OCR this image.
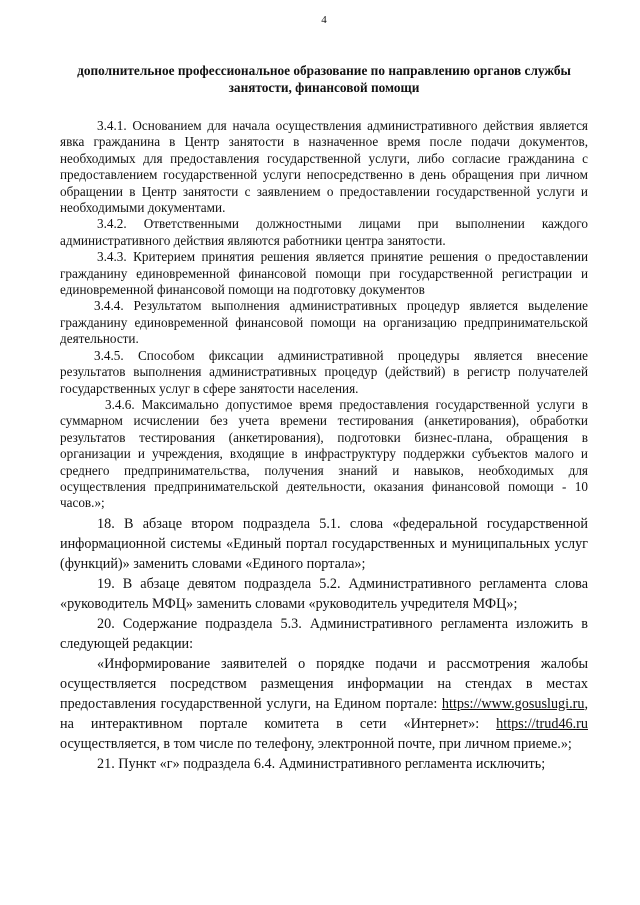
4
дополнительное профессиональное образование по направлению органов службы занятости, финансовой помощи

3.4.1. Основанием для начала осуществления административного действия является явка гражданина в Центр занятости в назначенное время после подачи документов, необходимых для предоставления государственной услуги, либо согласие гражданина с предоставлением государственной услуги непосредственно в день обращения при личном обращении в Центр занятости с заявлением о предоставлении государственной услуги и необходимыми документами.

3.4.2. Ответственными должностными лицами при выполнении каждого административного действия являются работники центра занятости.

3.4.3. Критерием принятия решения является принятие решения о предоставлении гражданину единовременной финансовой помощи при государственной регистрации и единовременной финансовой помощи на подготовку документов

3.4.4. Результатом выполнения административных процедур является выделение гражданину единовременной финансовой помощи на организацию предпринимательской деятельности.

3.4.5. Способом фиксации административной процедуры является внесение результатов выполнения административных процедур (действий) в регистр получателей государственных услуг в сфере занятости населения.

3.4.6. Максимально допустимое время предоставления государственной услуги в суммарном исчислении без учета времени тестирования (анкетирования), обработки результатов тестирования (анкетирования), подготовки бизнес-плана, обращения в организации и учреждения, входящие в инфраструктуру поддержки субъектов малого и среднего предпринимательства, получения знаний и навыков, необходимых для осуществления предпринимательской деятельности, оказания финансовой помощи - 10 часов.»;

18. В абзаце втором подраздела 5.1. слова «федеральной государственной информационной системы «Единый портал государственных и муниципальных услуг (функций)» заменить словами «Единого портала»;

19. В абзаце девятом подраздела 5.2. Административного регламента слова «руководитель МФЦ» заменить словами «руководитель учредителя МФЦ»;

20. Содержание подраздела 5.3. Административного регламента изложить в следующей редакции:

«Информирование заявителей о порядке подачи и рассмотрения жалобы осуществляется посредством размещения информации на стендах в местах предоставления государственной услуги, на Едином портале: https://www.gosuslugi.ru, на интерактивном портале комитета в сети «Интернет»: https://trud46.ru осуществляется, в том числе по телефону, электронной почте, при личном приеме.»;

21. Пункт «г» подраздела 6.4. Административного регламента исключить;
